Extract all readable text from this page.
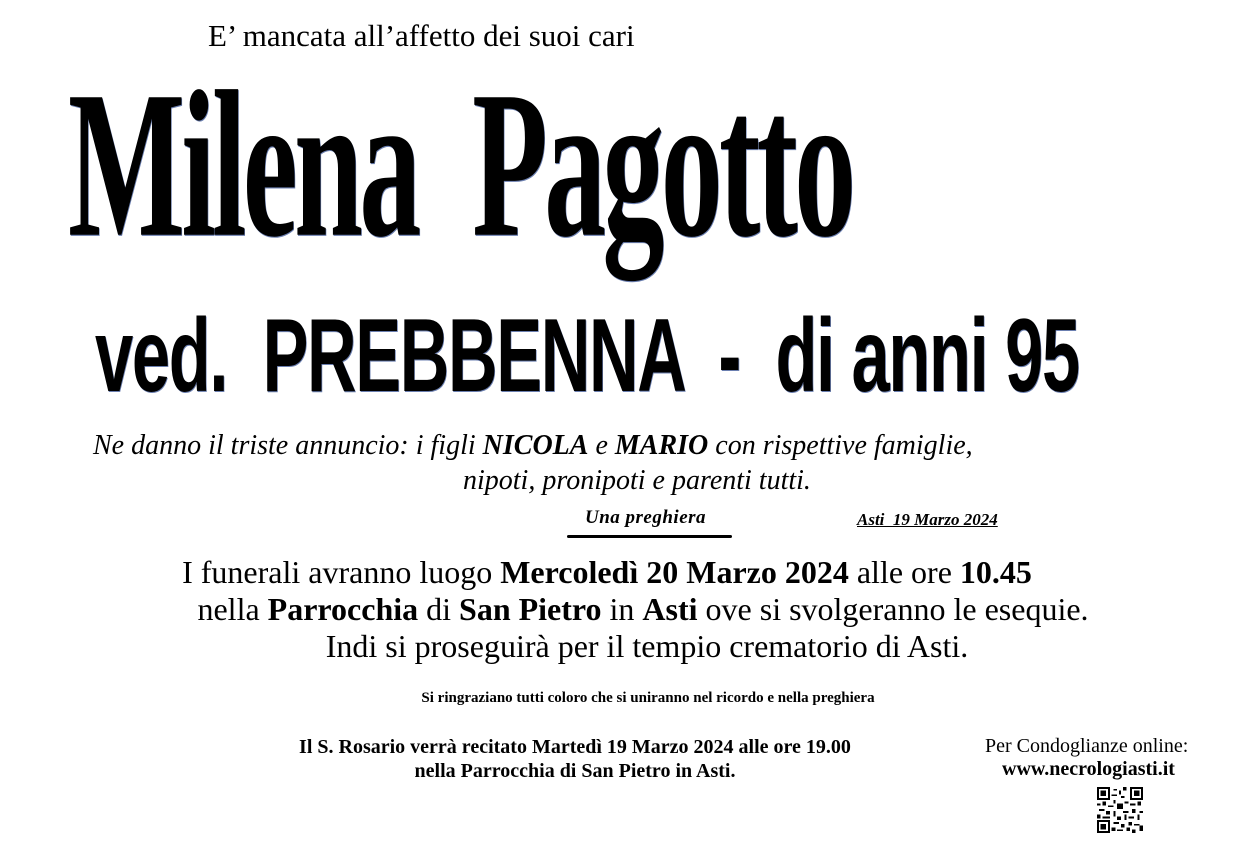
E’ mancata all’affetto dei suoi cari
Milena  Pagotto
ved.  PREBBENNA  -  di anni 95
Ne danno il triste annuncio: i figli NICOLA e MARIO con rispettive famiglie,
nipoti, pronipoti e parenti tutti.
Una preghiera	Asti  19 Marzo 2024
I funerali avranno luogo Mercoledì 20 Marzo 2024 alle ore 10.45
nella Parrocchia di San Pietro in Asti ove si svolgeranno le esequie.
Indi si proseguirà per il tempio crematorio di Asti.
Si ringraziano tutti coloro che si uniranno nel ricordo e nella preghiera
Il S. Rosario verrà recitato Martedì 19 Marzo 2024 alle ore 19.00
nella Parrocchia di San Pietro in Asti.
Per Condoglianze online:
www.necrologiasti.it
